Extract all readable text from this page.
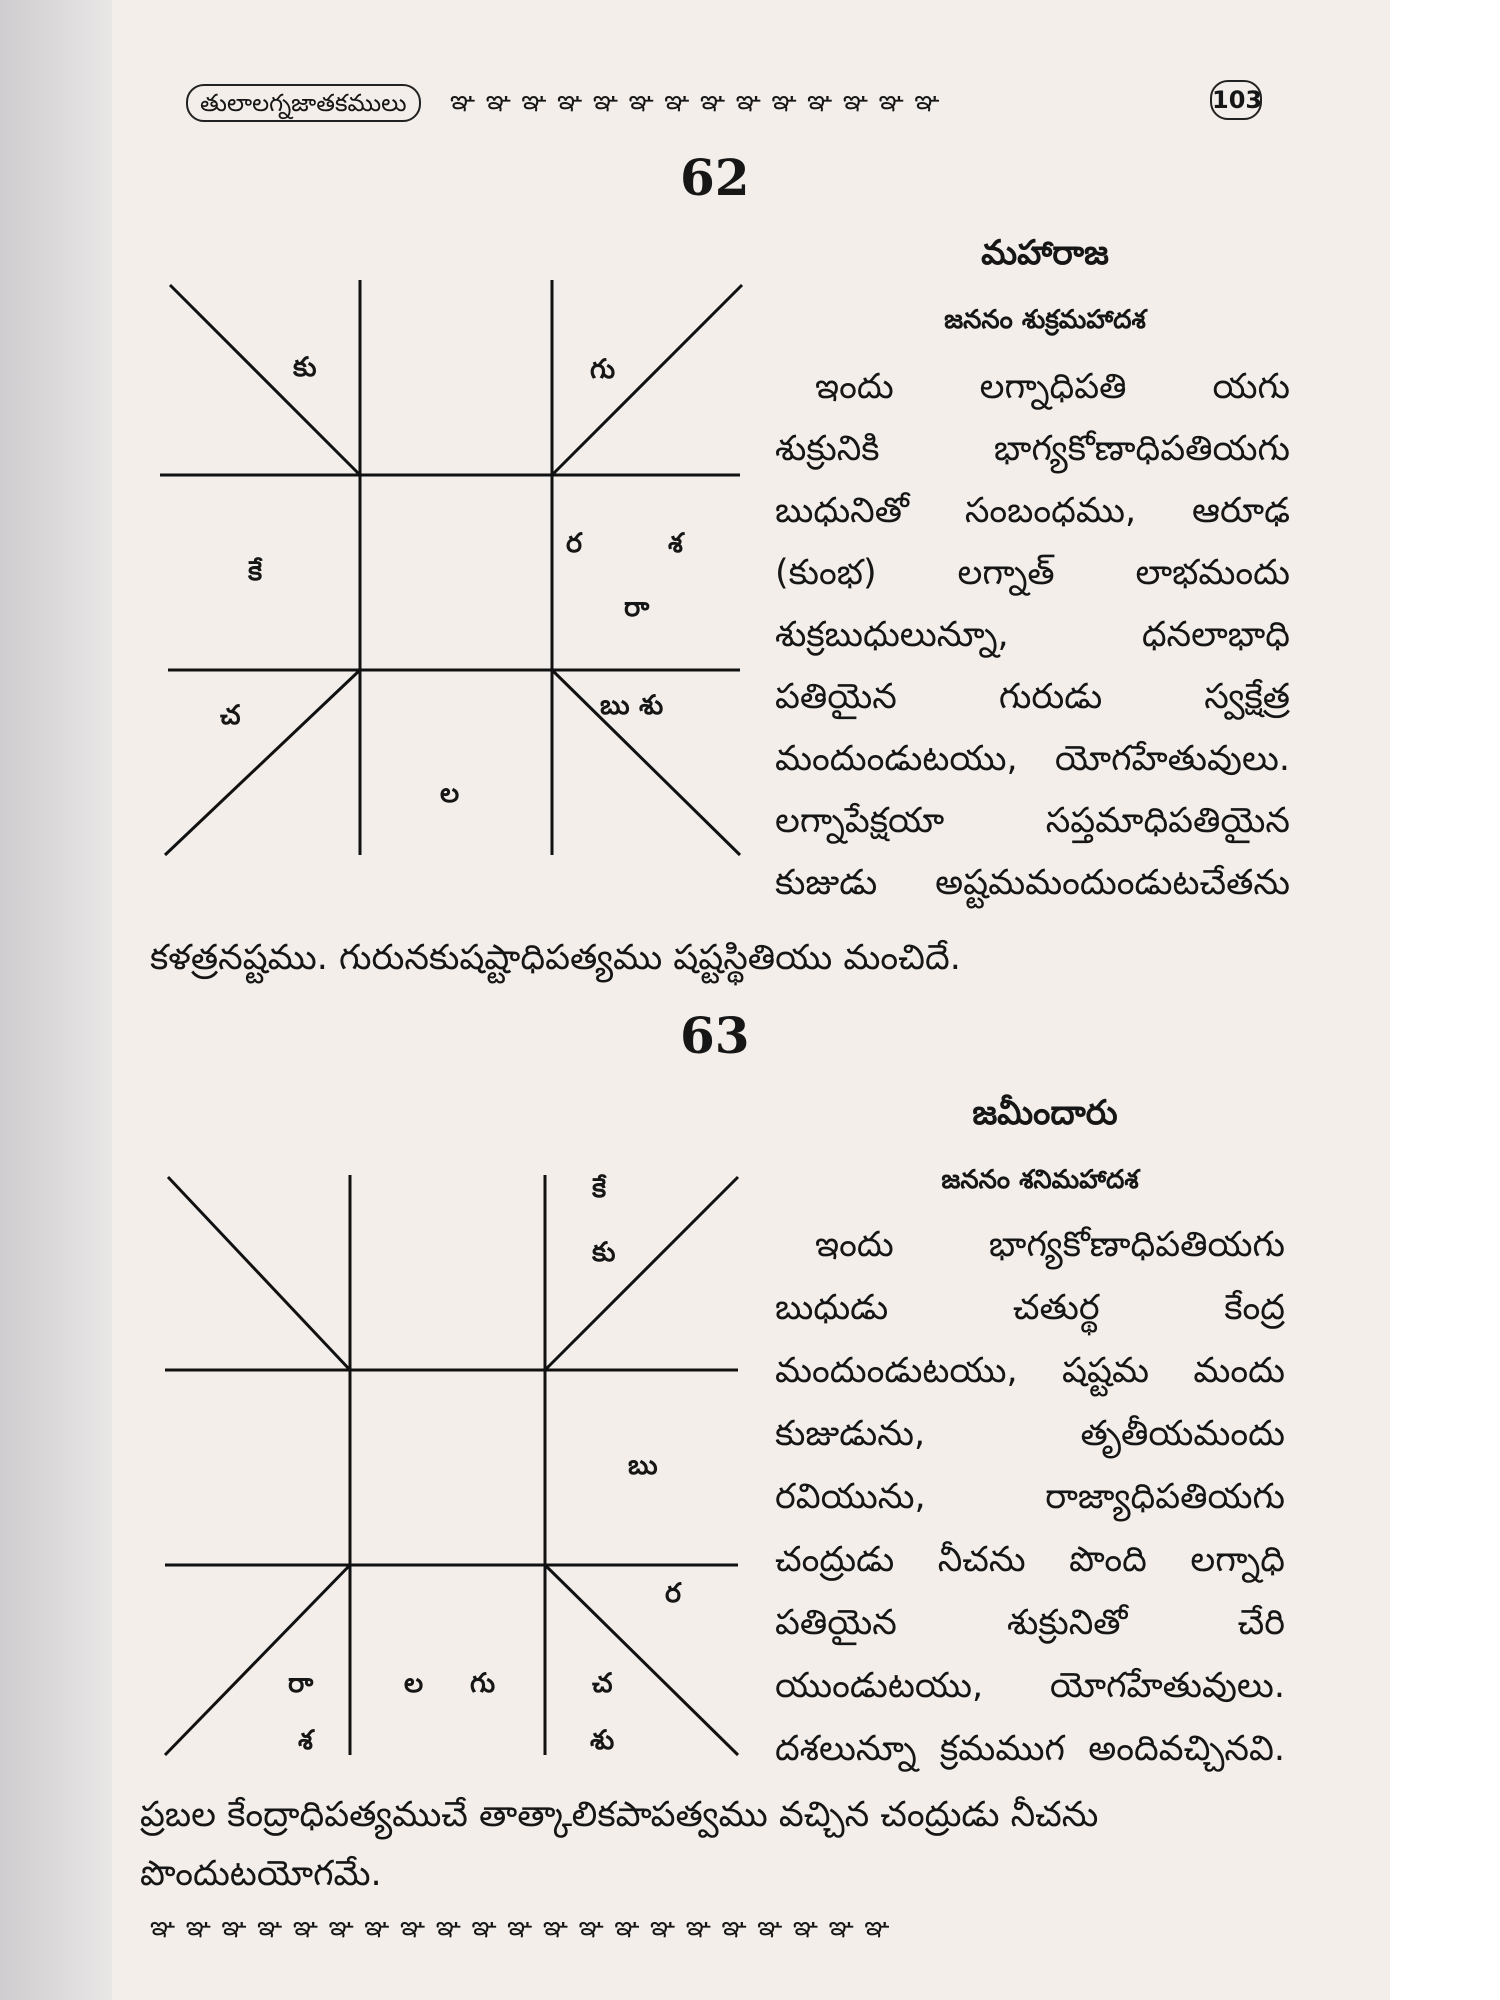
తులాలగ్నజాతకములు	ఞ ఞ ఞ ఞ ఞ ఞ ఞ ఞ ఞ ఞ ఞ ఞ ఞ ఞ	103
62
కు	గు
కే
ర	శ
రా
చ	బు శు
ల
మహారాజ
జననం శుక్రమహాదశ
ఇందు లగ్నాధిపతి యగు
శుక్రునికి భాగ్యకోణాధిపతియగు
బుధునితో సంబంధము, ఆరూఢ
(కుంభ) లగ్నాత్ లాభమందు
శుక్రబుధులున్నూ, ధనలాభాధి
పతియైన గురుడు స్వక్షేత్ర
మందుండుటయు, యోగహేతువులు.
లగ్నాపేక్షయా సప్తమాధిపతియైన
కుజుడు అష్టమమందుండుటచేతను
కళత్రనష్టము. గురునకుషష్టాధిపత్యము షష్టస్థితియు మంచిదే.
63
కే
కు
బు
ర
రా
శ
ల గు	చ
శు
జమీందారు
జననం శనిమహాదశ
ఇందు భాగ్యకోణాధిపతియగు
బుధుడు చతుర్థ కేంద్ర
మందుండుటయు, షష్టమ మందు
కుజుడును, తృతీయమందు
రవియును, రాజ్యాధిపతియగు
చంద్రుడు నీచను పొంది లగ్నాధి
పతియైన శుక్రునితో చేరి
యుండుటయు, యోగహేతువులు.
దశలున్నూ క్రమముగ అందివచ్చినవి.
ప్రబల కేంద్రాధిపత్యముచే తాత్కాలికపాపత్వము వచ్చిన చంద్రుడు నీచను
పొందుటయోగమే.
ఞ ఞ ఞ ఞ ఞ ఞ ఞ ఞ ఞ ఞ ఞ ఞ ఞ ఞ ఞ ఞ ఞ ఞ ఞ ఞ ఞ
